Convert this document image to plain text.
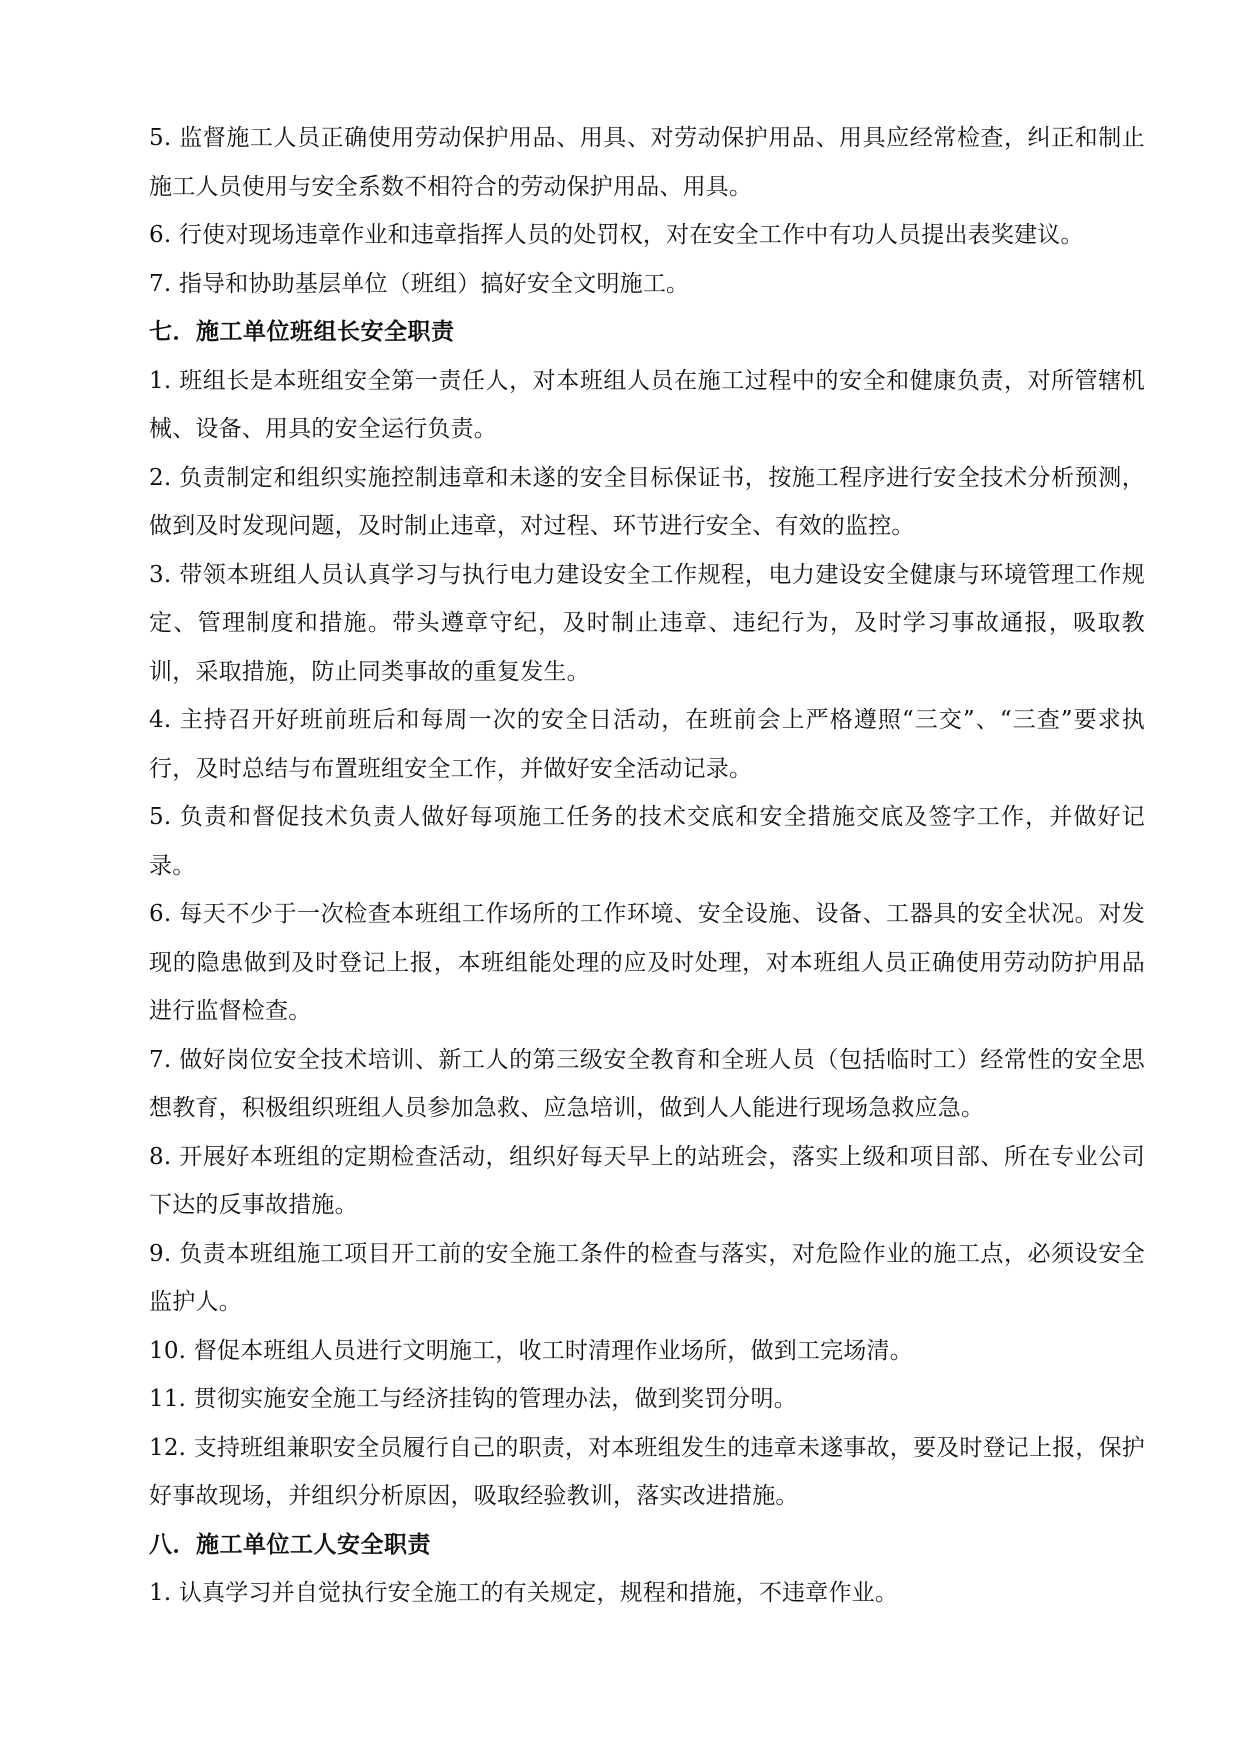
5. 监督施工人员正确使用劳动保护用品、用具、对劳动保护用品、用具应经常检查，纠正和制止施工人员使用与安全系数不相符合的劳动保护用品、用具。

6. 行使对现场违章作业和违章指挥人员的处罚权，对在安全工作中有功人员提出表奖建议。

7. 指导和协助基层单位（班组）搞好安全文明施工。

七．施工单位班组长安全职责

1. 班组长是本班组安全第一责任人，对本班组人员在施工过程中的安全和健康负责，对所管辖机械、设备、用具的安全运行负责。

2. 负责制定和组织实施控制违章和未遂的安全目标保证书，按施工程序进行安全技术分析预测，做到及时发现问题，及时制止违章，对过程、环节进行安全、有效的监控。

3. 带领本班组人员认真学习与执行电力建设安全工作规程，电力建设安全健康与环境管理工作规定、管理制度和措施。带头遵章守纪，及时制止违章、违纪行为，及时学习事故通报，吸取教训，采取措施，防止同类事故的重复发生。

4. 主持召开好班前班后和每周一次的安全日活动，在班前会上严格遵照“三交”、“三查”要求执行，及时总结与布置班组安全工作，并做好安全活动记录。

5. 负责和督促技术负责人做好每项施工任务的技术交底和安全措施交底及签字工作，并做好记录。

6. 每天不少于一次检查本班组工作场所的工作环境、安全设施、设备、工器具的安全状况。对发现的隐患做到及时登记上报，本班组能处理的应及时处理，对本班组人员正确使用劳动防护用品进行监督检查。

7. 做好岗位安全技术培训、新工人的第三级安全教育和全班人员（包括临时工）经常性的安全思想教育，积极组织班组人员参加急救、应急培训，做到人人能进行现场急救应急。

8. 开展好本班组的定期检查活动，组织好每天早上的站班会，落实上级和项目部、所在专业公司下达的反事故措施。

9. 负责本班组施工项目开工前的安全施工条件的检查与落实，对危险作业的施工点，必须设安全监护人。

10. 督促本班组人员进行文明施工，收工时清理作业场所，做到工完场清。

11. 贯彻实施安全施工与经济挂钩的管理办法，做到奖罚分明。

12. 支持班组兼职安全员履行自己的职责，对本班组发生的违章未遂事故，要及时登记上报，保护好事故现场，并组织分析原因，吸取经验教训，落实改进措施。

八．施工单位工人安全职责

1. 认真学习并自觉执行安全施工的有关规定，规程和措施，不违章作业。
